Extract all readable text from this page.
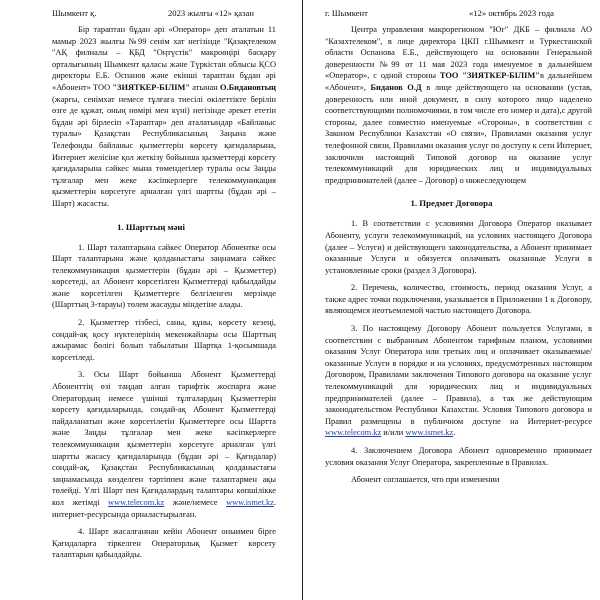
Шымкент қ.	2023 жылғы «12» қазан

Бір тараптан бұдан әрі «Оператор» деп аталатын 11 мамыр 2023 жылғы №99 сенім хат негізінде "Қазақтелеком "АҚ филиалы – ҚБД "Оңтүстік" макроөңірі басқару орталығының Шымкент қаласы және Түркістан облысы ҚСО директоры Е.Б. Оспанов және екінші тараптан бұдан әрі «Абонент» ТОО "ЗИЯТКЕР-БІЛІМ" атынан О.Бидановтың (жарғы, сенімхат немесе тұлғаға тиесілі өкілеттікте берілін өзге де құжат, оның нөмірі мен күні) негізінде әрекет ететін бұдан әрі бірлесіп «Тараптар» деп аталатындар «Байланыс туралы» Қазақстан Республикасының Заңына және Телефонды байланыс қызметтерін көрсету қағидаларына, Интернет желісіне қол жеткізу бойынша қызметтерді көрсету қағидаларына сәйкес мына төмендегілер туралы осы Заңды тұлғалар мен жеке кәсіпкерлерге телекоммуникация қызметтерін көрсетуге арналған үлгі шартты (бұдан әрі – Шарт) жасасты.

1. Шарттың мәні

1. Шарт талаптарына сәйкес Оператор Абонентке осы Шарт талаптарына және қолданыстағы заңнамаға сәйкес телекоммуникация қызметтерін (бұдан әрі – Қызметтер) көрсетеді, ал Абонент көрсетілген Қызметтерді қабылдайды және көрсетілген Қызметтерге белгіленген мерзімде (Шарттың 3-тарауы) төлем жасауды міндетіне алады.

2. Қызметтер тізбесі, саны, құны, көрсету кезеңі, сондай-ақ қосу нүктелерінің мекенжайлары осы Шарттың ажырамас бөлігі болып табылатын Шартқа 1-қосымшада көрсетіледі.

3. Осы Шарт бойынша Абонент Қызметтерді Абоненттің өзі таңдап алған тарифтік жоспарға және Оператордың немесе үшінші тұлғалардың Қызметтерін көрсету қағидаларында, сондай-ақ Абонент Қызметтерді пайдаланатын және көрсетілетін Қызметтерге осы Шартта және Заңды тұлғалар мен жеке кәсіпкерлерге телекоммуникация қызметтерін көрсетуге арналған үлгі шартты жасасу қағидаларында (бұдан әрі – Қағидалар) сондай-ақ, Қазақстан Республикасының қолданыстағы заңнамасында көзделген тәртіппен және талаптармен ақы төлейді. Үлгі Шарт пен Қағидалардың талаптары көпшілікке кол жетімді www.telecom.kz және/немесе www.ismet.kz. интернет-ресурсында орналастырылған.

4. Шарт жасалғаннан кейін Абонент оныимен бірге Қағидаларға тіркелген Операторлық Қызмет көрсету талаптарын қабылдайды.

г. Шымкент	«12» октябрь 2023 года

Центра управления макрорегионом "Юг" ДКБ – филиала АО "Казахтелеком", в лице директора ЦКП г.Шымкент и Туркестанской области Оспанова Е.Б., действующего на основании Генеральной доверенности №99 от 11 мая 2023 года именуемое в дальнейшем «Оператор», с одной стороны ТОО "ЗИЯТКЕР-БІЛІМ"в дальнейшем «Абонент», Биданов О.Д в лице действующего на основании (устав, доверенность или иной документ, в силу которого лицо наделено соответствующими полномочиями, в том числе его номер и дата),с другой стороны, далее совместно именуемые «Стороны», в соответствии с Законом Республики Казахстан «О связи», Правилами оказания услуг телефонной связи, Правилами оказания услуг по доступу к сети Интернет, заключили настоящий Типовой договор на оказание услуг телекоммуникаций для юридических лиц и индивидуальных предпринимателей (далее – Договор) о нижеследующем

1. Предмет Договора

1. В соответствии с условиями Договора Оператор оказывает Абоненту, услуги телекоммуникаций, на условиях настоящего Договора (далее – Услуги) и действующего законодательства, а Абонент принимает оказанные Услуги и обязуется оплачивать оказанные Услуги в установленные сроки (раздел 3 Договора).

2. Перечень, количество, стоимость, период оказания Услуг, а также адрес точки подключения, указывается в Приложении 1 к Договору, являющемся неотъемлемой частью настоящего Договора.

3. По настоящему Договору Абонент пользуется Услугами, в соответствии с выбранным Абонентом тарифным планом, условиями оказания Услуг Оператора или третьих лиц и оплачивает оказываемые/оказанные Услуги в порядке и на условиях, предусмотренных настоящим Договором, Правилами заключения Типового договора на оказание услуг телекоммуникаций для юридических лиц и индивидуальных предпринимателей (далее – Правила), а так же действующим законодательством Республики Казахстан. Условия Типового договора и Правил размещены в публичном доступе на Интернет-ресурсе www.telecom.kz и/или www.ismet.kz.

4. Заключением Договора Абонент одновременно принимает условия оказания Услуг Оператора, закрепленные в Правилах.

Абонент соглашается, что при изменении
